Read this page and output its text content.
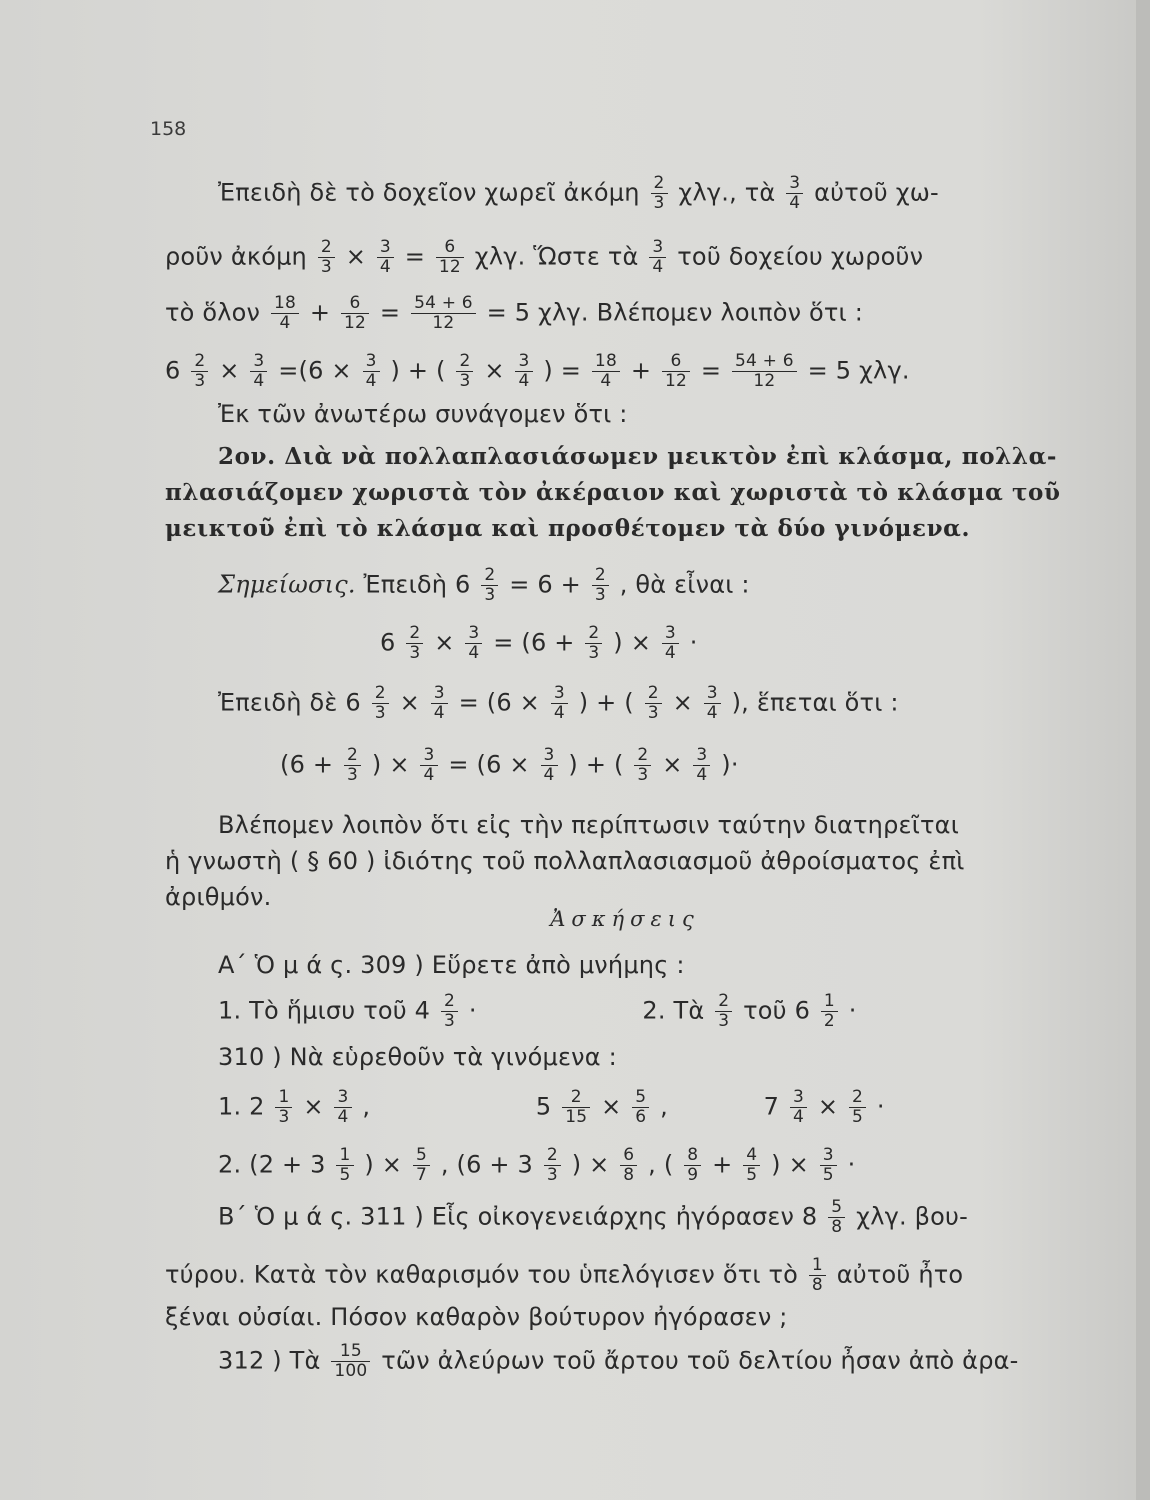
158
Ἐπειδὴ δὲ τὸ δοχεῖον χωρεῖ ἀκόμη $\frac{2}{3} \chi\lambda\gamma$., τὰ $\frac{3}{4}$ αὐτοῦ χω-
ροῦν ἀκόμη $\frac{2}{3} \times \frac{3}{4} = \frac{6}{12} \chi\lambda\gamma$. Ὥστε τὰ $\frac{3}{4}$ τοῦ δοχείου χωροῦν
τὸ ὅλον $\frac{18}{4} + \frac{6}{12} = \frac{54 + 6}{12} = 5$ χλγ. Βλέπομεν λοιπὸν ὅτι :
$6 \frac{2}{3} \times \frac{3}{4} =(6 \times \frac{3}{4}$ ) + ( $\frac{2}{3} \times \frac{3}{4}$ ) = $\frac{18}{4} + \frac{6}{12} = \frac{54 + 6}{12} = 5$ χλγ.
Ἐκ τῶν ἀνωτέρω συνάγομεν ὅτι :
2ον. Διὰ νὰ πολλαπλασιάσωμεν μεικτὸν ἐπὶ κλάσμα, πολλα-
πλασιάζομεν χωριστὰ τὸν ἀκέραιον καὶ χωριστὰ τὸ κλάσμα τοῦ
μεικτοῦ ἐπὶ τὸ κλάσμα καὶ προσθέτομεν τὰ δύο γινόμενα.
Σημείωσις. Ἐπειδὴ $6 \frac{2}{3} = 6 + \frac{2}{3}$ , θὰ εἶναι :
$6 \frac{2}{3} \times \frac{3}{4} = (6 + \frac{2}{3}$ ) × $\frac{3}{4}$ ·
Ἐπειδὴ δὲ $6 \frac{2}{3} \times \frac{3}{4} = (6 \times \frac{3}{4}$ ) + ( $\frac{2}{3} \times \frac{3}{4}$ ), ἕπεται ὅτι :
($6 + \frac{2}{3}$ ) × $\frac{3}{4} = (6 \times \frac{3}{4}$ ) + ( $\frac{2}{3} \times \frac{3}{4}$ )·
Βλέπομεν λοιπὸν ὅτι εἰς τὴν περίπτωσιν ταύτην διατηρεῖται
ἡ γνωστὴ ( § 60 ) ἰδιότης τοῦ πολλαπλασιασμοῦ ἀθροίσματος ἐπὶ
ἀριθμόν.
Ἀσκήσεις
Α΄ Ὁ μ ά ς. 309 ) Εὕρετε ἀπὸ μνήμης :
1. Τὸ ἥμισυ τοῦ $4 \frac{2}{3}$ ·	2. Τὰ $\frac{2}{3}$ τοῦ $6 \frac{1}{2}$ ·
310 ) Νὰ εὑρεθοῦν τὰ γινόμενα :
1. $2 \frac{1}{3} \times \frac{3}{4}$ ,	$5 \frac{2}{15} \times \frac{5}{6}$ ,	$7 \frac{3}{4} \times \frac{2}{5}$ ·
2. ($2 + 3 \frac{1}{5}$ ) × $\frac{5}{7}$ , ($6 + 3 \frac{2}{3}$ ) × $\frac{6}{8}$ , ( $\frac{8}{9} + \frac{4}{5}$ ) × $\frac{3}{5}$ ·
Β΄ Ὁ μ ά ς. 311 ) Εἷς οἰκογενειάρχης ἠγόρασεν $8 \frac{5}{8} \chi\lambda\gamma$. βου-
τύρου. Κατὰ τὸν καθαρισμόν του ὑπελόγισεν ὅτι τὸ $\frac{1}{8}$ αὐτοῦ ἦτο
ξέναι οὐσίαι. Πόσον καθαρὸν βούτυρον ἠγόρασεν ;
312 ) Τὰ $\frac{15}{100}$ τῶν ἀλεύρων τοῦ ἄρτου τοῦ δελτίου ἦσαν ἀπὸ ἀρα-
